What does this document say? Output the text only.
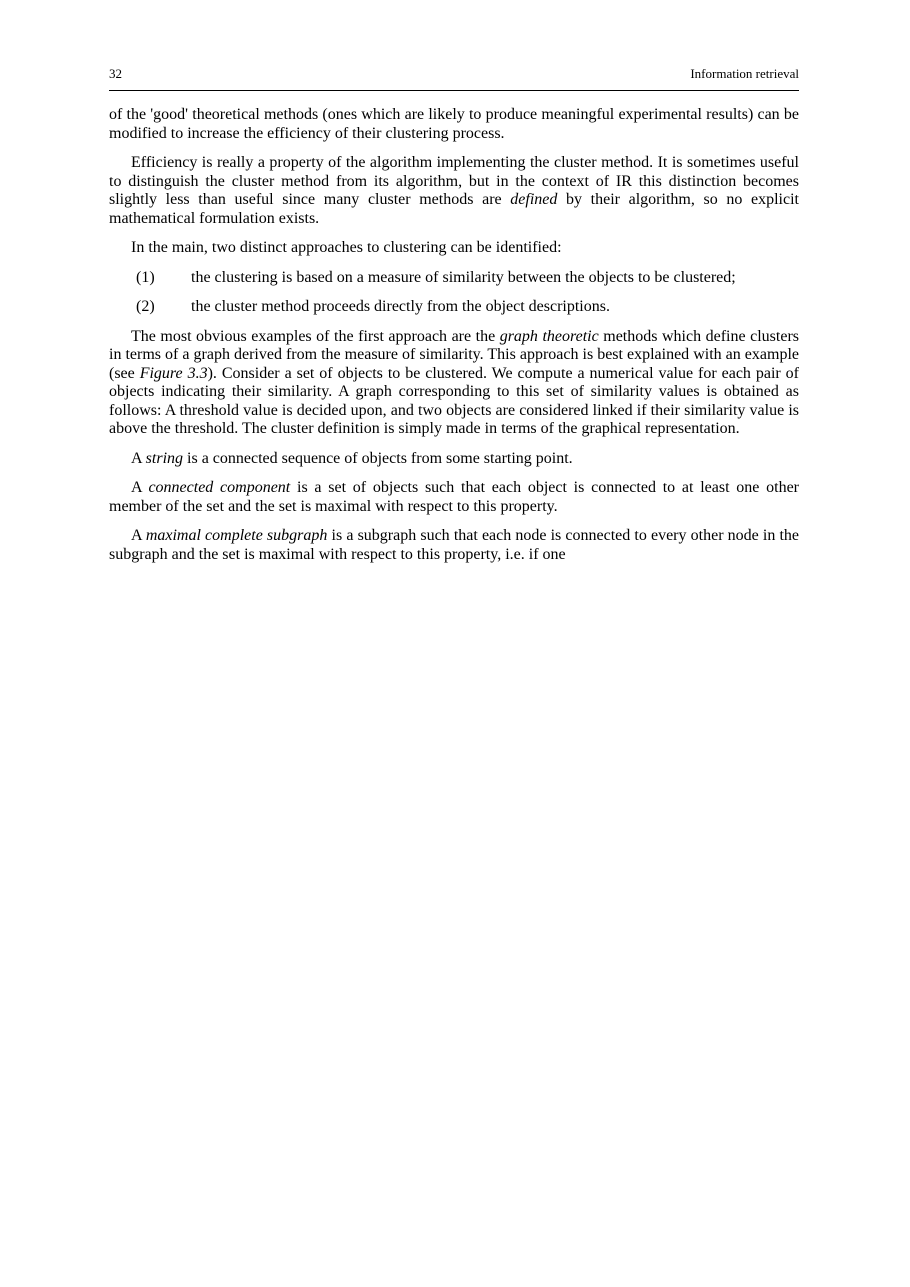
32	Information retrieval

of the 'good' theoretical methods (ones which are likely to produce meaningful experimental results) can be modified to increase the efficiency of their clustering process.

Efficiency is really a property of the algorithm implementing the cluster method. It is sometimes useful to distinguish the cluster method from its algorithm, but in the context of IR this distinction becomes slightly less than useful since many cluster methods are defined by their algorithm, so no explicit mathematical formulation exists.

In the main, two distinct approaches to clustering can be identified:

(1)	the clustering is based on a measure of similarity between the objects to be clustered;
(2)	the cluster method proceeds directly from the object descriptions.

The most obvious examples of the first approach are the graph theoretic methods which define clusters in terms of a graph derived from the measure of similarity. This approach is best explained with an example (see Figure 3.3). Consider a set of objects to be clustered. We compute a numerical value for each pair of objects indicating their similarity. A graph corresponding to this set of similarity values is obtained as follows: A threshold value is decided upon, and two objects are considered linked if their similarity value is above the threshold. The cluster definition is simply made in terms of the graphical representation.

A string is a connected sequence of objects from some starting point.

A connected component is a set of objects such that each object is connected to at least one other member of the set and the set is maximal with respect to this property.

A maximal complete subgraph is a subgraph such that each node is connected to every other node in the subgraph and the set is maximal with respect to this property, i.e. if one
